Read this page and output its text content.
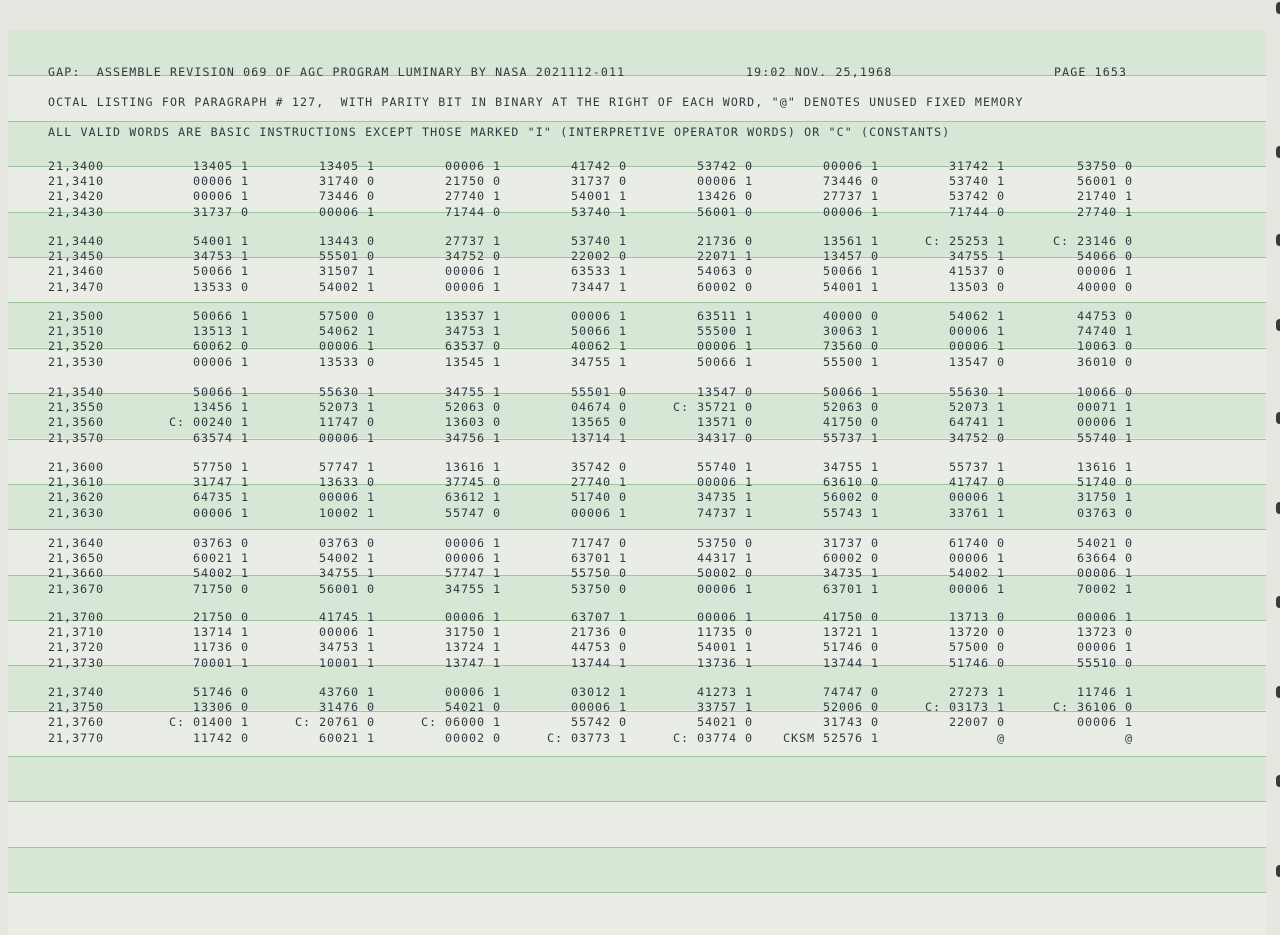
GAP:  ASSEMBLE REVISION 069 OF AGC PROGRAM LUMINARY BY NASA 2021112-011	19:02 NOV. 25,1968	PAGE 1653
OCTAL LISTING FOR PARAGRAPH # 127,  WITH PARITY BIT IN BINARY AT THE RIGHT OF EACH WORD, "@" DENOTES UNUSED FIXED MEMORY
ALL VALID WORDS ARE BASIC INSTRUCTIONS EXCEPT THOSE MARKED "I" (INTERPRETIVE OPERATOR WORDS) OR "C" (CONSTANTS)
21,3400	13405 1	13405 1	00006 1	41742 0	53742 0	00006 1	31742 1	53750 0
21,3410	00006 1	31740 0	21750 0	31737 0	00006 1	73446 0	53740 1	56001 0
21,3420	00006 1	73446 0	27740 1	54001 1	13426 0	27737 1	53742 0	21740 1
21,3430	31737 0	00006 1	71744 0	53740 1	56001 0	00006 1	71744 0	27740 1
21,3440	54001 1	13443 0	27737 1	53740 1	21736 0	13561 1	C: 25253 1	C: 23146 0
21,3450	34753 1	55501 0	34752 0	22002 0	22071 1	13457 0	34755 1	54066 0
21,3460	50066 1	31507 1	00006 1	63533 1	54063 0	50066 1	41537 0	00006 1
21,3470	13533 0	54002 1	00006 1	73447 1	60002 0	54001 1	13503 0	40000 0
21,3500	50066 1	57500 0	13537 1	00006 1	63511 1	40000 0	54062 1	44753 0
21,3510	13513 1	54062 1	34753 1	50066 1	55500 1	30063 1	00006 1	74740 1
21,3520	60062 0	00006 1	63537 0	40062 1	00006 1	73560 0	00006 1	10063 0
21,3530	00006 1	13533 0	13545 1	34755 1	50066 1	55500 1	13547 0	36010 0
21,3540	50066 1	55630 1	34755 1	55501 0	13547 0	50066 1	55630 1	10066 0
21,3550	13456 1	52073 1	52063 0	04674 0	C: 35721 0	52063 0	52073 1	00071 1
21,3560	C: 00240 1	11747 0	13603 0	13565 0	13571 0	41750 0	64741 1	00006 1
21,3570	63574 1	00006 1	34756 1	13714 1	34317 0	55737 1	34752 0	55740 1
21,3600	57750 1	57747 1	13616 1	35742 0	55740 1	34755 1	55737 1	13616 1
21,3610	31747 1	13633 0	37745 0	27740 1	00006 1	63610 0	41747 0	51740 0
21,3620	64735 1	00006 1	63612 1	51740 0	34735 1	56002 0	00006 1	31750 1
21,3630	00006 1	10002 1	55747 0	00006 1	74737 1	55743 1	33761 1	03763 0
21,3640	03763 0	03763 0	00006 1	71747 0	53750 0	31737 0	61740 0	54021 0
21,3650	60021 1	54002 1	00006 1	63701 1	44317 1	60002 0	00006 1	63664 0
21,3660	54002 1	34755 1	57747 1	55750 0	50002 0	34735 1	54002 1	00006 1
21,3670	71750 0	56001 0	34755 1	53750 0	00006 1	63701 1	00006 1	70002 1
21,3700	21750 0	41745 1	00006 1	63707 1	00006 1	41750 0	13713 0	00006 1
21,3710	13714 1	00006 1	31750 1	21736 0	11735 0	13721 1	13720 0	13723 0
21,3720	11736 0	34753 1	13724 1	44753 0	54001 1	51746 0	57500 0	00006 1
21,3730	70001 1	10001 1	13747 1	13744 1	13736 1	13744 1	51746 0	55510 0
21,3740	51746 0	43760 1	00006 1	03012 1	41273 1	74747 0	27273 1	11746 1
21,3750	13306 0	31476 0	54021 0	00006 1	33757 1	52006 0	C: 03173 1	C: 36106 0
21,3760	C: 01400 1	C: 20761 0	C: 06000 1	55742 0	54021 0	31743 0	22007 0	00006 1
21,3770	11742 0	60021 1	00002 0	C: 03773 1	C: 03774 0	CKSM 52576 1	@	@
